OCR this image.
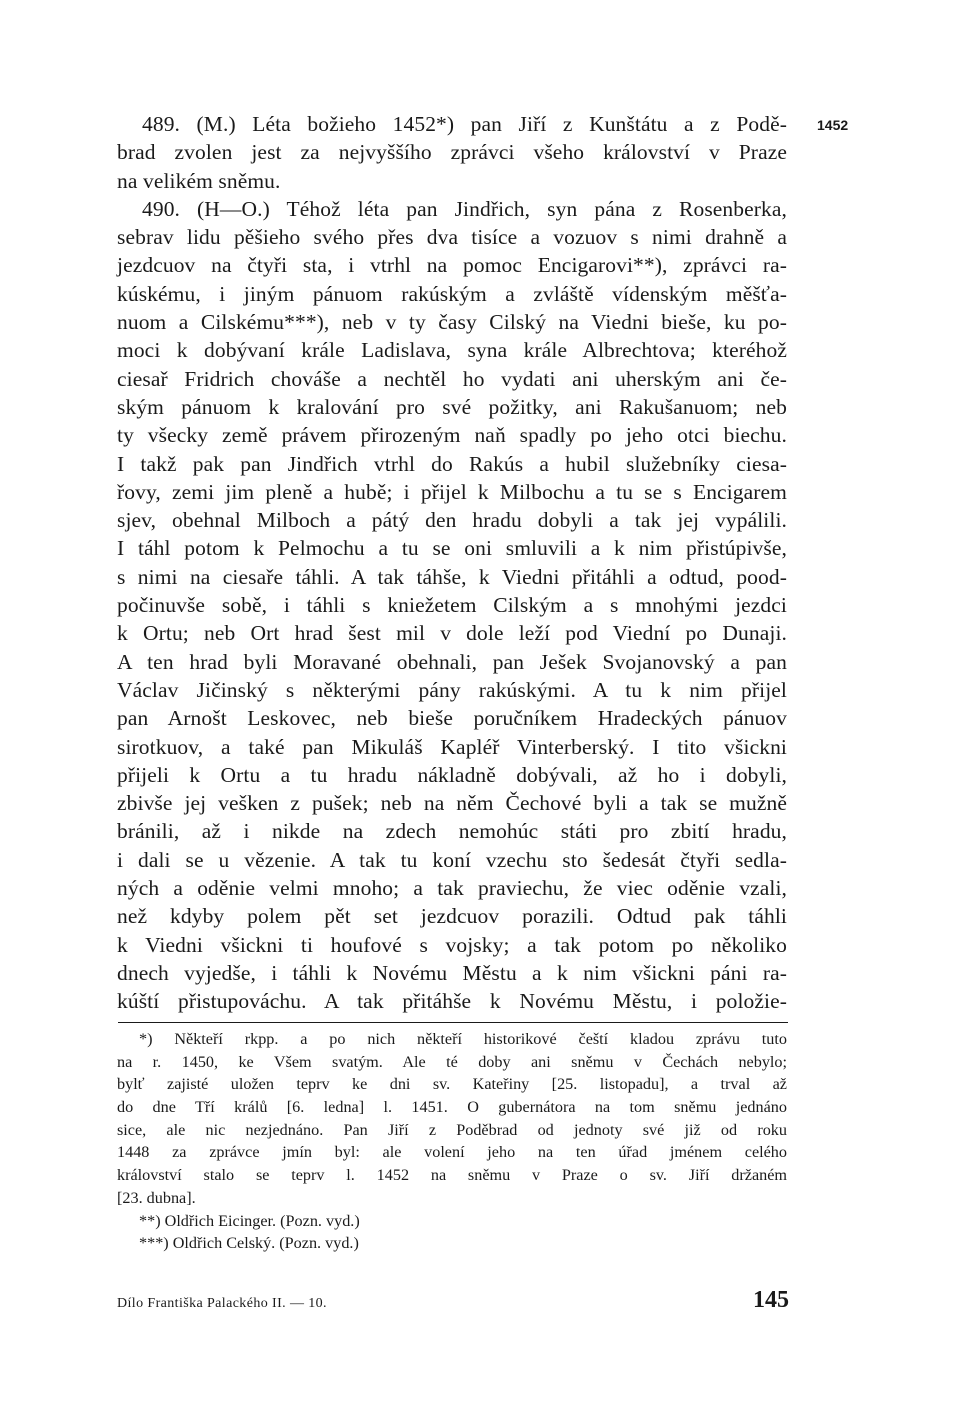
1452
489. (M.) Léta božieho 1452*) pan Jiří z Kunštátu a z Podě-
brad zvolen jest za nejvyššího zprávci všeho království v Praze
na velikém sněmu.
490. (H—O.) Téhož léta pan Jindřich, syn pána z Rosenberka,
sebrav lidu pěšieho svého přes dva tisíce a vozuov s nimi drahně a
jezdcuov na čtyři sta, i vtrhl na pomoc Encigarovi**), zprávci ra-
kúskému, i jiným pánuom rakúským a zvláště vídenským měšťa-
nuom a Cilskému***), neb v ty časy Cilský na Viedni bieše, ku po-
moci k dobývaní krále Ladislava, syna krále Albrechtova; kteréhož
ciesař Fridrich chováše a nechtěl ho vydati ani uherským ani če-
ským pánuom k kralování pro své požitky, ani Rakušanuom; neb
ty všecky země právem přirozeným naň spadly po jeho otci biechu.
I takž pak pan Jindřich vtrhl do Rakús a hubil služebníky ciesa-
řovy, zemi jim pleně a hubě; i přijel k Milbochu a tu se s Encigarem
sjev, obehnal Milboch a pátý den hradu dobyli a tak jej vypálili.
I táhl potom k Pelmochu a tu se oni smluvili a k nim přistúpivše,
s nimi na ciesaře táhli. A tak táhše, k Viedni přitáhli a odtud, pood-
počinuvše sobě, i táhli s kniežetem Cilským a s mnohými jezdci
k Ortu; neb Ort hrad šest mil v dole leží pod Viední po Dunaji.
A ten hrad byli Moravané obehnali, pan Ješek Svojanovský a pan
Václav Jičinský s některými pány rakúskými. A tu k nim přijel
pan Arnošt Leskovec, neb bieše poručníkem Hradeckých pánuov
sirotkuov, a také pan Mikuláš Kapléř Vinterberský. I tito všickni
přijeli k Ortu a tu hradu nákladně dobývali, až ho i dobyli,
zbivše jej vešken z pušek; neb na něm Čechové byli a tak se mužně
bránili, až i nikde na zdech nemohúc státi pro zbití hradu,
i dali se u vězenie. A tak tu koní vzechu sto šedesát čtyři sedla-
ných a oděnie velmi mnoho; a tak praviechu, že viec oděnie vzali,
než kdyby polem pět set jezdcuov porazili. Odtud pak táhli
k Viedni všickni ti houfové s vojsky; a tak potom po několiko
dnech vyjedše, i táhli k Novému Městu a k nim všickni páni ra-
kúští přistupováchu. A tak přitáhše k Novému Městu, i položie-
*) Někteří rkpp. a po nich někteří historikové čeští kladou zprávu tuto
na r. 1450, ke Všem svatým. Ale té doby ani sněmu v Čechách nebylo;
bylť zajisté uložen teprv ke dni sv. Kateřiny [25. listopadu], a trval až
do dne Tří králů [6. ledna] l. 1451. O gubernátora na tom sněmu jednáno
sice, ale nic nezjednáno. Pan Jiří z Poděbrad od jednoty své již od roku
1448 za zprávce jmín byl: ale volení jeho na ten úřad jménem celého
království stalo se teprv l. 1452 na sněmu v Praze o sv. Jiří držaném
[23. dubna].
**) Oldřich Eicinger. (Pozn. vyd.)
***) Oldřich Celský. (Pozn. vyd.)
Dílo Františka Palackého II. — 10.	145
